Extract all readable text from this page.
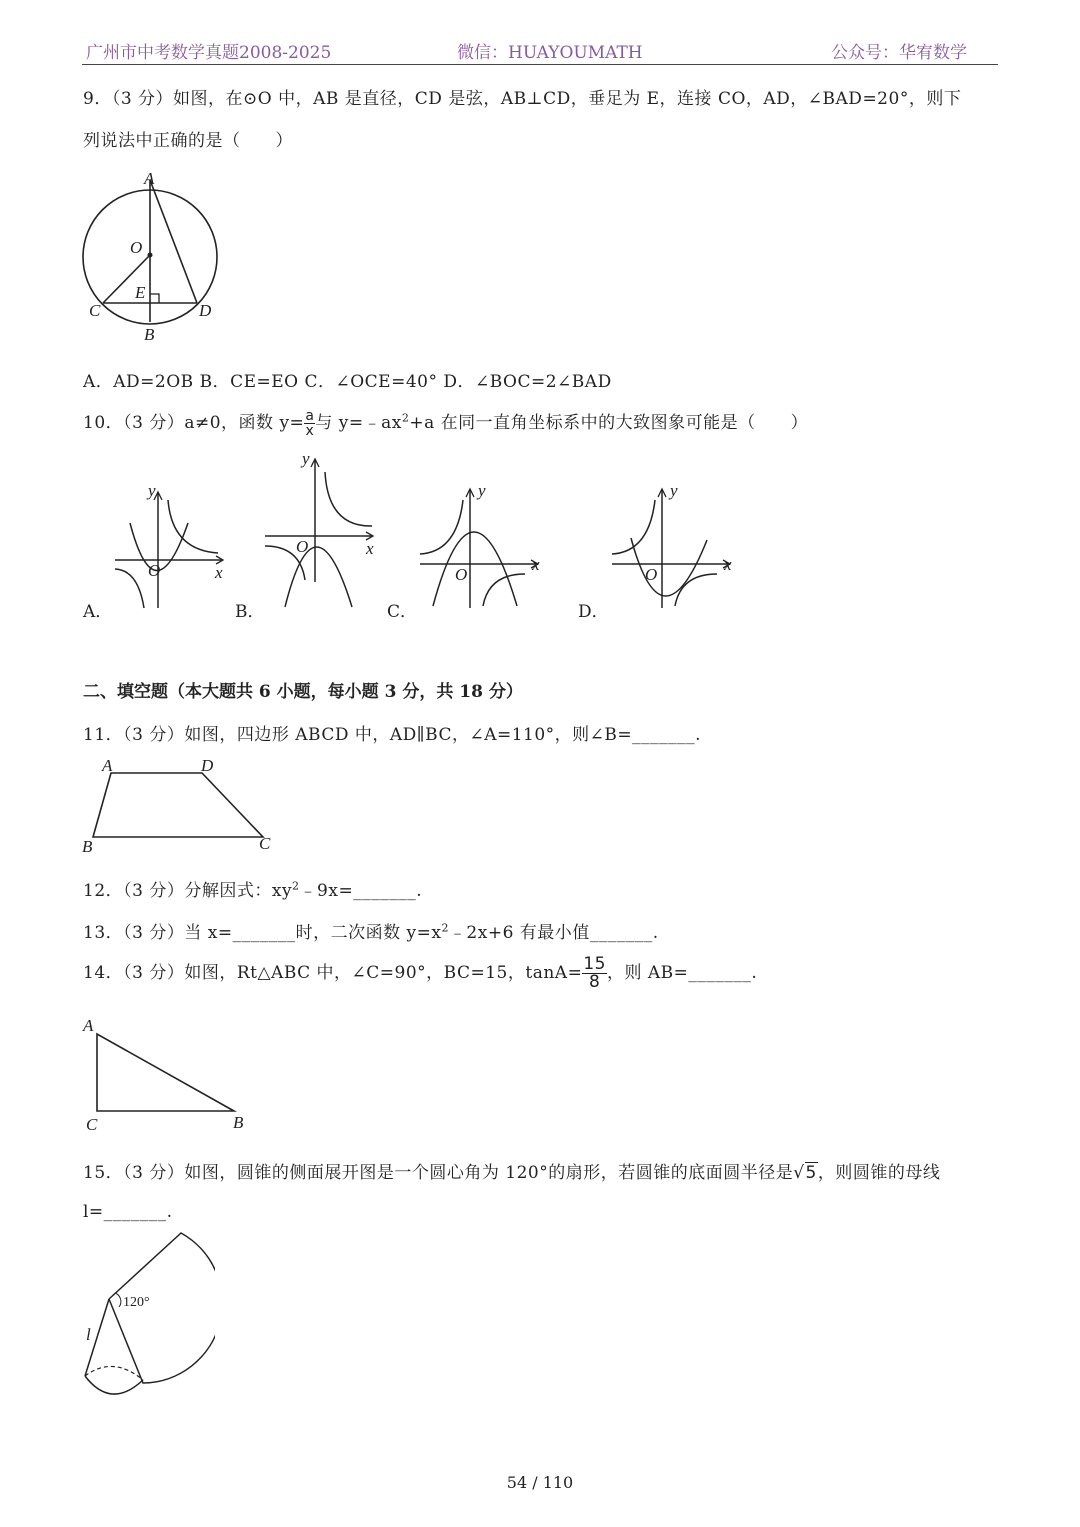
广州市中考数学真题2008-2025	微信：HUAYOUMATH	公众号：华宥数学
9．（3 分）如图，在⊙O 中，AB 是直径，CD 是弦，AB⊥CD，垂足为 E，连接 CO，AD，∠BAD=20°，则下
列说法中正确的是（　　）
A
O
E
C	D
B
A．AD=2OB B．CE=EO C．∠OCE=40° D．∠BOC=2∠BAD
10．（3 分）a≠0，函数 $y= \frac{a}{x}$ 与 $y=﹣ax^2+a$ 在同一直角坐标系中的大致图象可能是（　　）
y
x
O
A．
y
x
O
B．
y
x
O
C．
y
x
O
D．
二、填空题（本大题共 6 小题，每小题 3 分，共 18 分）
11．（3 分）如图，四边形 ABCD 中，AD∥BC，∠A=110°，则∠B=_______.
A	D
B	C
12．（3 分）分解因式：$xy^2﹣9x=\_\_\_\_\_\_\_$.
13．（3 分）当 x=_______时，二次函数 $y=x^2﹣2x+6$ 有最小值_______.
14．（3 分）如图，Rt△ABC 中，∠C=90°，BC=15，$\tan A= \frac{15}{8}$ ，则 AB=_______.
A
C	B
15．（3 分）如图，圆锥的侧面展开图是一个圆心角为 120°的扇形，若圆锥的底面圆半径是√5，则圆锥的母线
l=_______.
120°
l
54 / 110
